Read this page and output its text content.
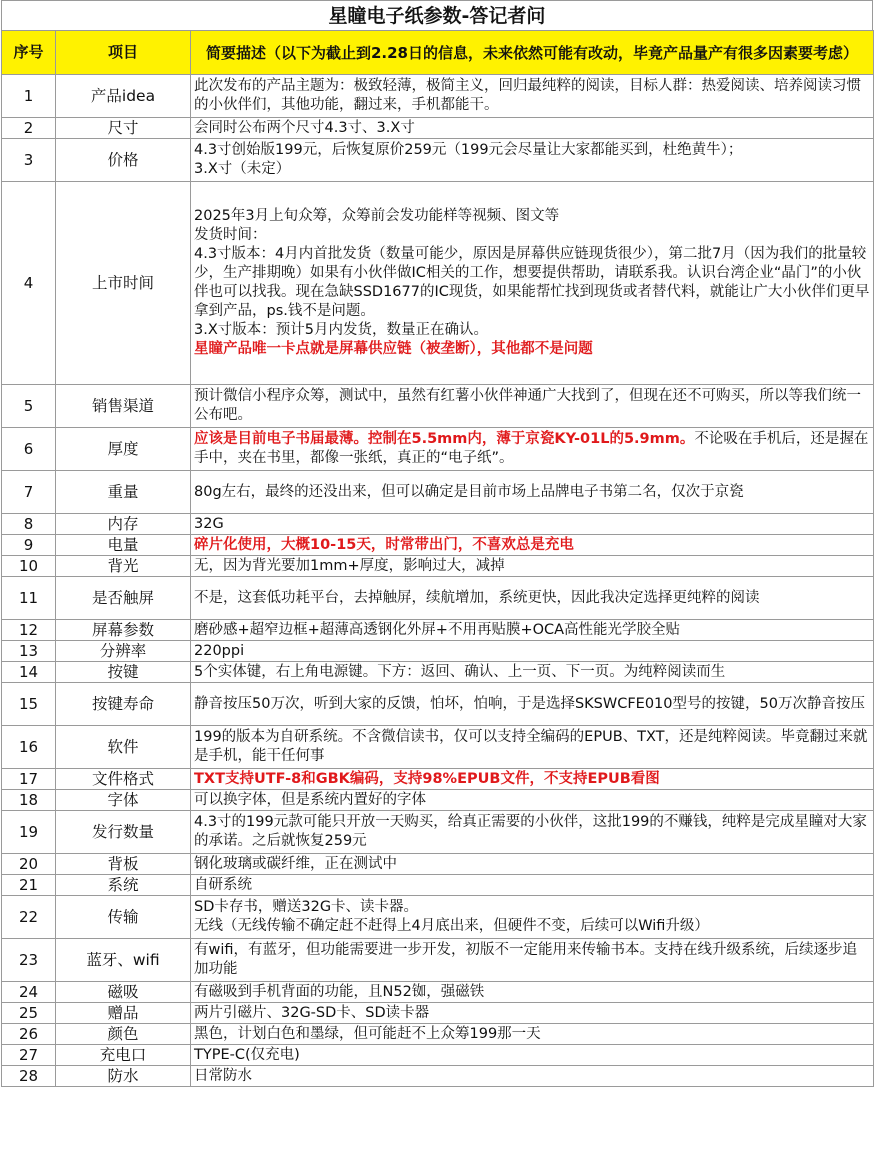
星瞳电子纸参数-答记者问
序号	项目	简要描述（以下为截止到2.28日的信息，未来依然可能有改动，毕竟产品量产有很多因素要考虑）
1	产品idea	此次发布的产品主题为：极致轻薄，极简主义，回归最纯粹的阅读，目标人群：热爱阅读、培养阅读习惯的小伙伴们，其他功能，翻过来，手机都能干。

2	尺寸	会同时公布两个尺寸4.3寸、3.X寸

3	价格	4.3寸创始版199元，后恢复原价259元（199元会尽量让大家都能买到，杜绝黄牛）；
3.X寸（未定）

4	上市时间	2025年3月上旬众筹，众筹前会发功能样等视频、图文等
发货时间：
4.3寸版本：4月内首批发货（数量可能少，原因是屏幕供应链现货很少），第二批7月（因为我们的批量较少，生产排期晚）如果有小伙伴做IC相关的工作，想要提供帮助，请联系我。认识台湾企业“晶门”的小伙伴也可以找我。现在急缺SSD1677的IC现货，如果能帮忙找到现货或者替代料，就能让广大小伙伴们更早拿到产品，ps.钱不是问题。
3.X寸版本：预计5月内发货，数量正在确认。
星瞳产品唯一卡点就是屏幕供应链（被垄断），其他都不是问题

5	销售渠道	预计微信小程序众筹，测试中，虽然有红薯小伙伴神通广大找到了，但现在还不可购买，所以等我们统一公布吧。

6	厚度	应该是目前电子书届最薄。控制在5.5mm内，薄于京瓷KY-01L的5.9mm。不论吸在手机后，还是握在手中，夹在书里，都像一张纸，真正的“电子纸”。

7	重量	80g左右，最终的还没出来，但可以确定是目前市场上品牌电子书第二名，仅次于京瓷

8	内存	32G

9	电量	碎片化使用，大概10-15天，时常带出门，不喜欢总是充电

10	背光	无，因为背光要加1mm+厚度，影响过大，减掉

11	是否触屏	不是，这套低功耗平台，去掉触屏，续航增加，系统更快，因此我决定选择更纯粹的阅读

12	屏幕参数	磨砂感+超窄边框+超薄高透钢化外屏+不用再贴膜+OCA高性能光学胶全贴

13	分辨率	220ppi

14	按键	5个实体键，右上角电源键。下方：返回、确认、上一页、下一页。为纯粹阅读而生

15	按键寿命	静音按压50万次，听到大家的反馈，怕坏，怕响，于是选择SKSWCFE010型号的按键，50万次静音按压

16	软件	199的版本为自研系统。不含微信读书，仅可以支持全编码的EPUB、TXT，还是纯粹阅读。毕竟翻过来就是手机，能干任何事

17	文件格式	TXT支持UTF-8和GBK编码，支持98%EPUB文件，不支持EPUB看图

18	字体	可以换字体，但是系统内置好的字体

19	发行数量	4.3寸的199元款可能只开放一天购买，给真正需要的小伙伴，这批199的不赚钱，纯粹是完成星瞳对大家的承诺。之后就恢复259元

20	背板	钢化玻璃或碳纤维，正在测试中

21	系统	自研系统

22	传输	SD卡存书，赠送32G卡、读卡器。
无线（无线传输不确定赶不赶得上4月底出来，但硬件不变，后续可以Wifi升级）

23	蓝牙、wifi	有wifi，有蓝牙，但功能需要进一步开发，初版不一定能用来传输书本。支持在线升级系统，后续逐步追加功能

24	磁吸	有磁吸到手机背面的功能，且N52铷，强磁铁

25	赠品	两片引磁片、32G-SD卡、SD读卡器

26	颜色	黑色，计划白色和墨绿，但可能赶不上众筹199那一天

27	充电口	TYPE-C(仅充电)

28	防水	日常防水
